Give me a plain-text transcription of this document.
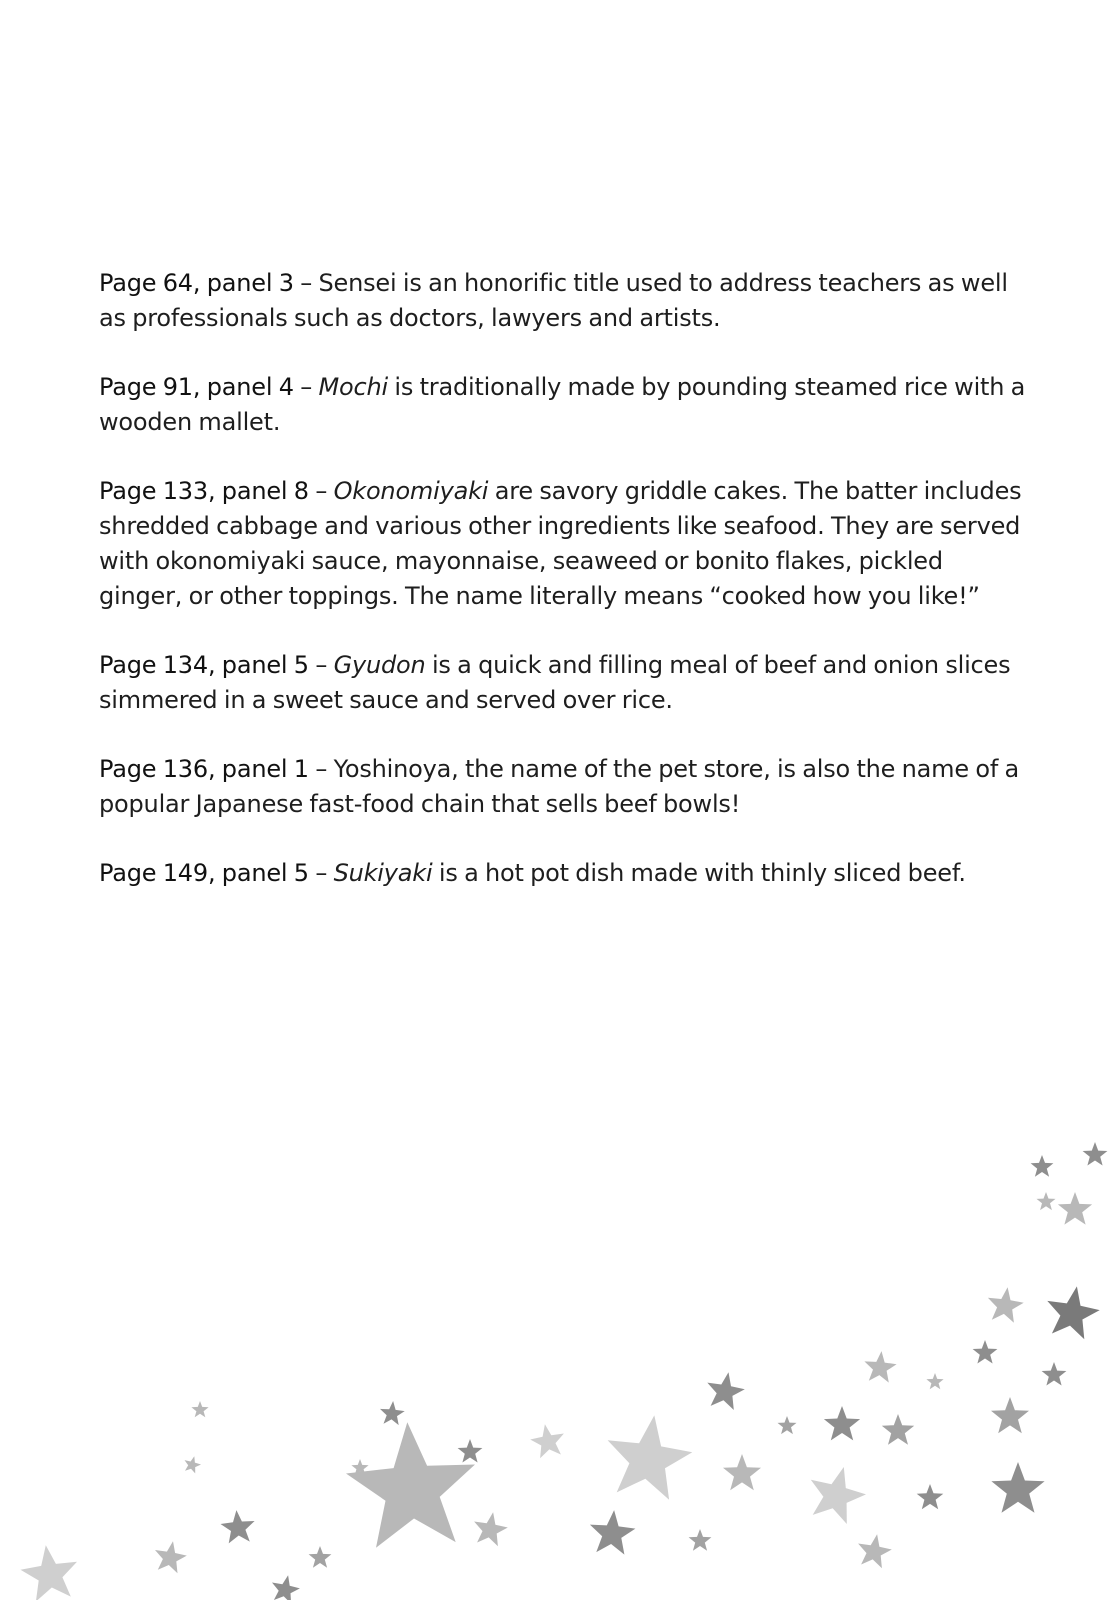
Page 64, panel 3 – Sensei is an honorific title used to address teachers as well as professionals such as doctors, lawyers and artists.

Page 91, panel 4 – Mochi is traditionally made by pounding steamed rice with a wooden mallet.

Page 133, panel 8 – Okonomiyaki are savory griddle cakes. The batter includes shredded cabbage and various other ingredients like seafood. They are served with okonomiyaki sauce, mayonnaise, seaweed or bonito flakes, pickled ginger, or other toppings. The name literally means “cooked how you like!”

Page 134, panel 5 – Gyudon is a quick and filling meal of beef and onion slices simmered in a sweet sauce and served over rice.

Page 136, panel 1 – Yoshinoya, the name of the pet store, is also the name of a popular Japanese fast-food chain that sells beef bowls!

Page 149, panel 5 – Sukiyaki is a hot pot dish made with thinly sliced beef.
